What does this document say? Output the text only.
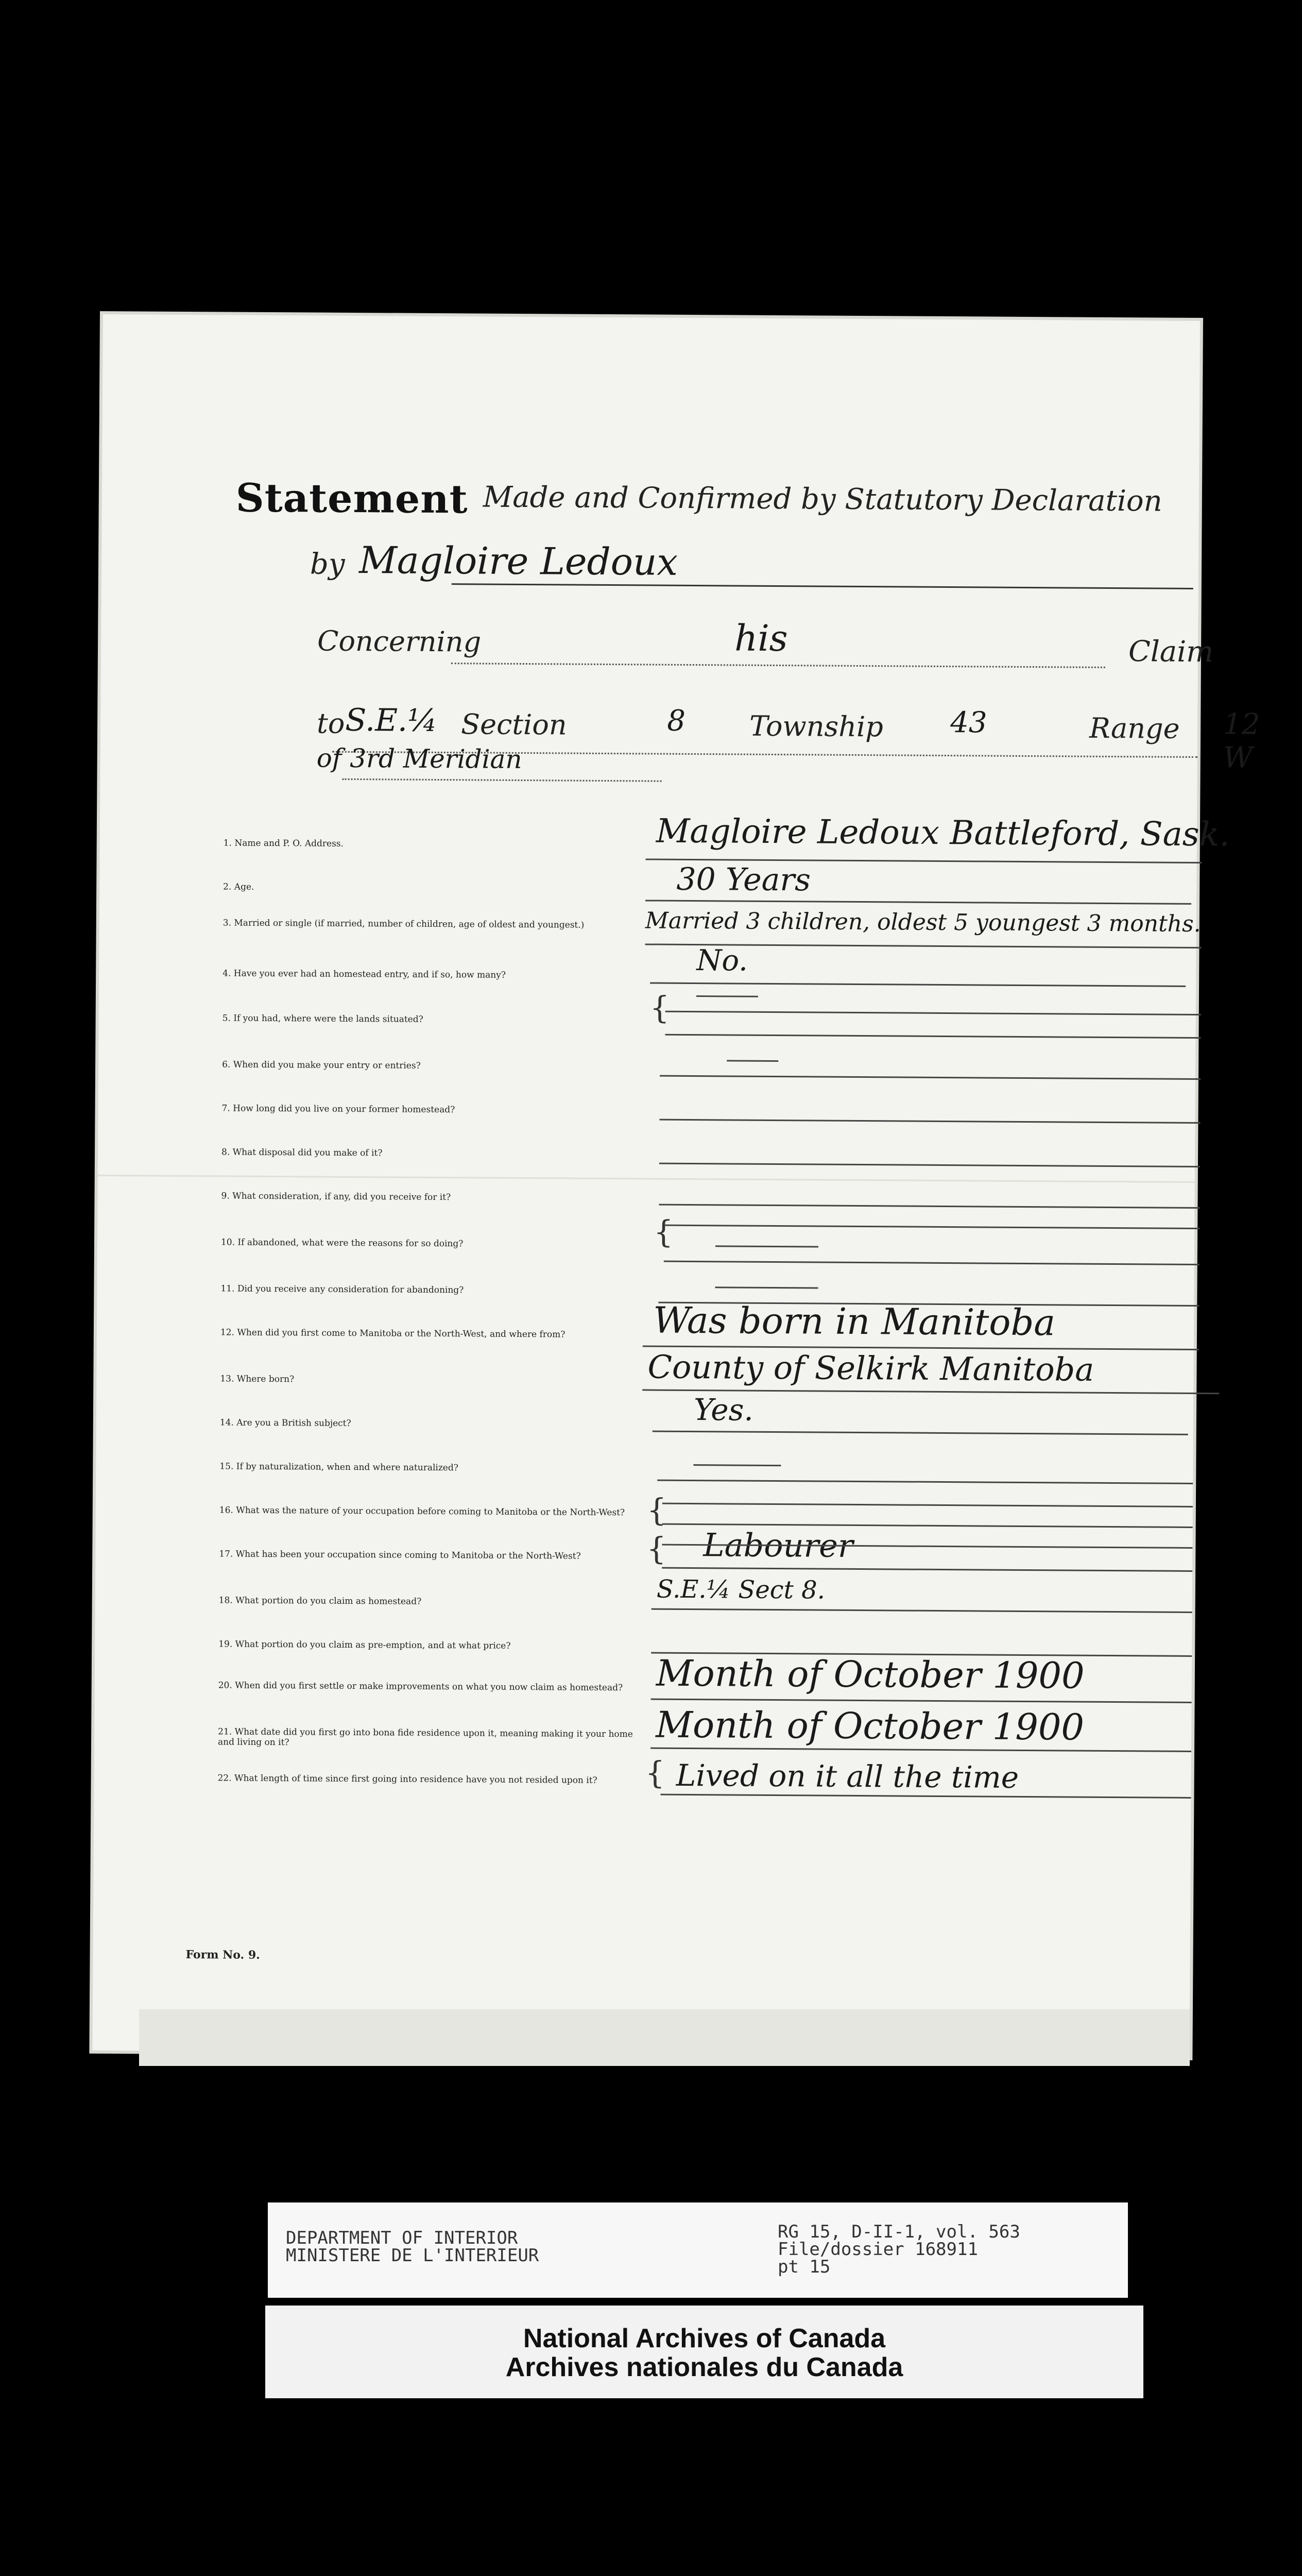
Statement Made and Confirmed by Statutory Declaration
by Magloire Ledoux
Concerning	his	Claim
to S.E.¼ Section	8 Township 43	Range 12 W
of 3rd Meridian
1. Name and P. O. Address.	Magloire Ledoux Battleford, Sask.
2. Age.	30 Years
3. Married or single (if married, number of children, age of oldest and youngest.)	Married 3 children, oldest 5 youngest 3 months.
4. Have you ever had an homestead entry, and if so, how many?	No.
5. If you had, where were the lands situated?	{
6. When did you make your entry or entries?
7. How long did you live on your former homestead?
8. What disposal did you make of it?
9. What consideration, if any, did you receive for it?
10. If abandoned, what were the reasons for so doing?	{
11. Did you receive any consideration for abandoning?
12. When did you first come to Manitoba or the North-West, and where from?	Was born in Manitoba
13. Where born?	County of Selkirk Manitoba
14. Are you a British subject?	Yes.
15. If by naturalization, when and where naturalized?
16. What was the nature of your occupation before coming to Manitoba or the North-West? {
17. What has been your occupation since coming to Manitoba or the North-West?	{ Labourer
18. What portion do you claim as homestead?	S.E.¼ Sect 8.
19. What portion do you claim as pre-emption, and at what price?
20. When did you first settle or make improvements on what you now claim as homestead? Month of October 1900
21. What date did you first go into bona fide residence upon it, meaning making it your home and living on it?	Month of October 1900
22. What length of time since first going into residence have you not resided upon it?	{ Lived on it all the time
Form No. 9.
DEPARTMENT OF INTERIOR
MINISTERE DE L'INTERIEUR
RG 15, D-II-1, vol. 563
File/dossier 168911
pt 15
National Archives of Canada
Archives nationales du Canada
